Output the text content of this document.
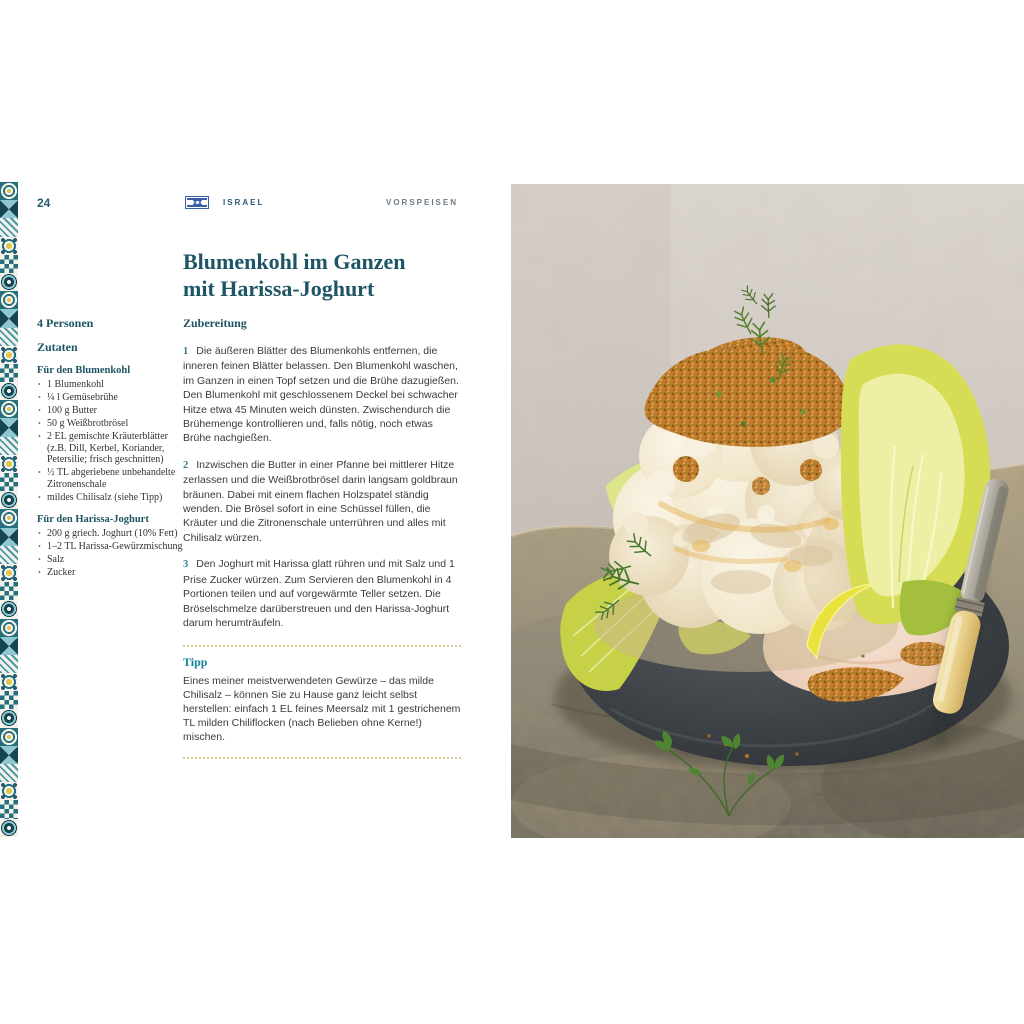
24	ISRAEL	VORSPEISEN
Blumenkohl im Ganzen
mit Harissa-Joghurt

4 Personen

Zutaten

Für den Blumenkohl

• 1 Blumenkohl
• ¼ l Gemüsebrühe
• 100 g Butter
• 50 g Weißbrotbrösel
• 2 EL gemischte Kräuterblätter (z.B. Dill, Kerbel, Koriander, Petersilie; frisch geschnitten)
• ½ TL abgeriebene unbehandelte Zitronenschale
• mildes Chilisalz (siehe Tipp)

Für den Harissa-Joghurt

• 200 g griech. Joghurt (10% Fett)
• 1–2 TL Harissa-Gewürzmischung
• Salz
• Zucker

Zubereitung

1 Die äußeren Blätter des Blumenkohls entfernen, die inneren feinen Blätter belassen. Den Blumenkohl waschen, im Ganzen in einen Topf setzen und die Brühe dazugießen. Den Blumenkohl mit geschlossenem Deckel bei schwacher Hitze etwa 45 Minuten weich dünsten. Zwischendurch die Brühemenge kontrollieren und, falls nötig, noch etwas Brühe nachgießen.
2 Inzwischen die Butter in einer Pfanne bei mittlerer Hitze zerlassen und die Weißbrotbrösel darin langsam goldbraun bräunen. Dabei mit einem flachen Holzspatel ständig wenden. Die Brösel sofort in eine Schüssel füllen, die Kräuter und die Zitronenschale unterrühren und alles mit Chilisalz würzen.
3 Den Joghurt mit Harissa glatt rühren und mit Salz und 1 Prise Zucker würzen. Zum Servieren den Blumenkohl in 4 Portionen teilen und auf vorgewärmte Teller setzen. Die Bröselschmelze darüberstreuen und den Harissa-Joghurt darum herumträufeln.

Tipp

Eines meiner meistverwendeten Gewürze – das milde Chilisalz – können Sie zu Hause ganz leicht selbst herstellen: einfach 1 EL feines Meersalz mit 1 gestrichenem TL milden Chiliflocken (nach Belieben ohne Kerne!) mischen.
